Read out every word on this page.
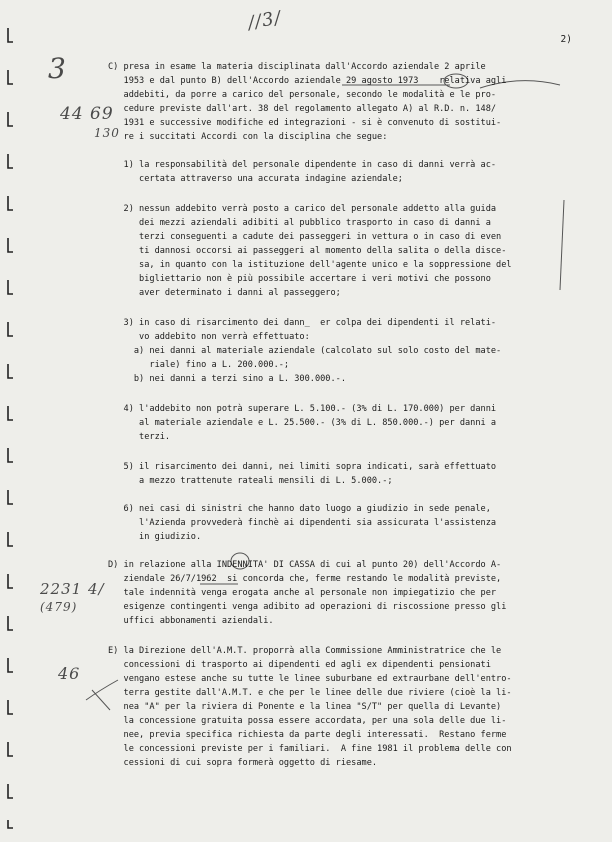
2)
//3/
3
44 69
130
2231 4/
(479)
46

C) presa in esame la materia disciplinata dall'Accordo aziendale 2 aprile

1953 e dal punto B) dell'Accordo aziendale 29 agosto 1973    relativa agli

addebiti, da porre a carico del personale, secondo le modalità e le pro-

cedure previste dall'art. 38 del regolamento allegato A) al R.D. n. 148/

1931 e successive modifiche ed integrazioni - si è convenuto di sostitui-

re i succitati Accordi con la disciplina che segue:

1) la responsabilità del personale dipendente in caso di danni verrà ac-

certata attraverso una accurata indagine aziendale;

2) nessun addebito verrà posto a carico del personale addetto alla guida

dei mezzi aziendali adibiti al pubblico trasporto in caso di danni a

terzi conseguenti a cadute dei passeggeri in vettura o in caso di even

ti dannosi occorsi ai passeggeri al momento della salita o della disce-

sa, in quanto con la istituzione dell'agente unico e la soppressione del

bigliettario non è più possibile accertare i veri motivi che possono

aver determinato i danni al passeggero;

3) in caso di risarcimento dei dann_  er colpa dei dipendenti il relati-

vo addebito non verrà effettuato:

a) nei danni al materiale aziendale (calcolato sul solo costo del mate-

riale) fino a L. 200.000.-;

b) nei danni a terzi sino a L. 300.000.-.

4) l'addebito non potrà superare L. 5.100.- (3% di L. 170.000) per danni

al materiale aziendale e L. 25.500.- (3% di L. 850.000.-) per danni a

terzi.

5) il risarcimento dei danni, nei limiti sopra indicati, sarà effettuato

a mezzo trattenute rateali mensili di L. 5.000.-;

6) nei casi di sinistri che hanno dato luogo a giudizio in sede penale,

l'Azienda provvederà finchè ai dipendenti sia assicurata l'assistenza

in giudizio.

D) in relazione alla INDENNITA' DI CASSA di cui al punto 20) dell'Accordo A-

ziendale 26/7/1962  si concorda che, ferme restando le modalità previste,

tale indennità venga erogata anche al personale non impiegatizio che per

esigenze contingenti venga adibito ad operazioni di riscossione presso gli

uffici abbonamenti aziendali.

E) la Direzione dell'A.M.T. proporrà alla Commissione Amministratrice che le

concessioni di trasporto ai dipendenti ed agli ex dipendenti pensionati

vengano estese anche su tutte le linee suburbane ed extraurbane dell'entro-

terra gestite dall'A.M.T. e che per le linee delle due riviere (cioè la li-

nea "A" per la riviera di Ponente e la linea "S/T" per quella di Levante)

la concessione gratuita possa essere accordata, per una sola delle due li-

nee, previa specifica richiesta da parte degli interessati.  Restano ferme

le concessioni previste per i familiari.  A fine 1981 il problema delle con

cessioni di cui sopra formerà oggetto di riesame.
